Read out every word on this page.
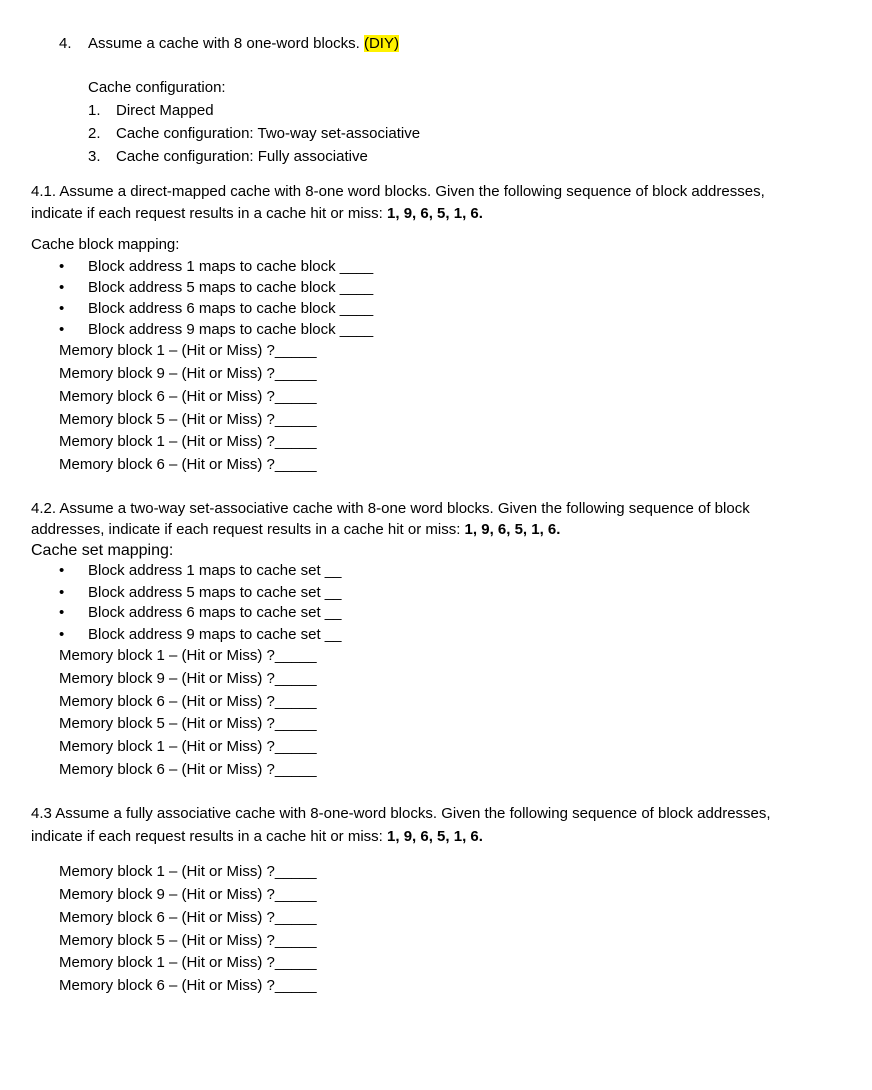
4. Assume a cache with 8 one-word blocks. (DIY)
Cache configuration:
1. Direct Mapped
2. Cache configuration: Two-way set-associative
3. Cache configuration: Fully associative
4.1. Assume a direct-mapped cache with 8-one word blocks. Given the following sequence of block addresses,
indicate if each request results in a cache hit or miss: 1, 9, 6, 5, 1, 6.
Cache block mapping:
• Block address 1 maps to cache block ____
• Block address 5 maps to cache block ____
• Block address 6 maps to cache block ____
• Block address 9 maps to cache block ____
Memory block 1 – (Hit or Miss) ?_____
Memory block 9 – (Hit or Miss) ?_____
Memory block 6 – (Hit or Miss) ?_____
Memory block 5 – (Hit or Miss) ?_____
Memory block 1 – (Hit or Miss) ?_____
Memory block 6 – (Hit or Miss) ?_____
4.2. Assume a two-way set-associative cache with 8-one word blocks. Given the following sequence of block
addresses, indicate if each request results in a cache hit or miss: 1, 9, 6, 5, 1, 6.
Cache set mapping:
• Block address 1 maps to cache set __
• Block address 5 maps to cache set __
• Block address 6 maps to cache set __
• Block address 9 maps to cache set __
Memory block 1 – (Hit or Miss) ?_____
Memory block 9 – (Hit or Miss) ?_____
Memory block 6 – (Hit or Miss) ?_____
Memory block 5 – (Hit or Miss) ?_____
Memory block 1 – (Hit or Miss) ?_____
Memory block 6 – (Hit or Miss) ?_____
4.3 Assume a fully associative cache with 8-one-word blocks. Given the following sequence of block addresses,
indicate if each request results in a cache hit or miss: 1, 9, 6, 5, 1, 6.
Memory block 1 – (Hit or Miss) ?_____
Memory block 9 – (Hit or Miss) ?_____
Memory block 6 – (Hit or Miss) ?_____
Memory block 5 – (Hit or Miss) ?_____
Memory block 1 – (Hit or Miss) ?_____
Memory block 6 – (Hit or Miss) ?_____
